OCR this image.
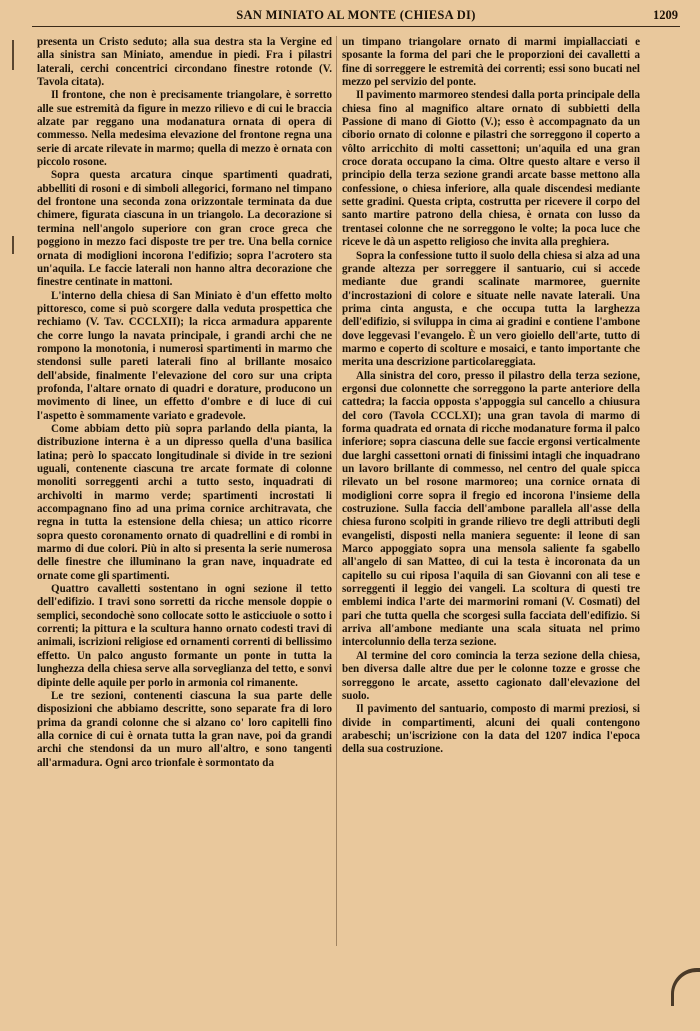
SAN MINIATO AL MONTE (CHIESA DI)	1209

presenta un Cristo seduto; alla sua destra sta la Vergine ed alla sinistra san Miniato, amendue in piedi. Fra i pilastri laterali, cerchi concentrici circondano finestre rotonde (V. Tavola citata).

Il frontone, che non è precisamente triangolare, è sorretto alle sue estremità da figure in mezzo rilievo e di cui le braccia alzate par reggano una modanatura ornata di opera di commesso. Nella medesima elevazione del frontone regna una serie di arcate rilevate in marmo; quella di mezzo è ornata con piccolo rosone.

Sopra questa arcatura cinque spartimenti quadrati, abbelliti di rosoni e di simboli allegorici, formano nel timpano del frontone una seconda zona orizzontale terminata da due chimere, figurata ciascuna in un triangolo. La decorazione si termina nell'angolo superiore con gran croce greca che poggiono in mezzo faci disposte tre per tre. Una bella cornice ornata di modiglioni incorona l'edifizio; sopra l'acrotero sta un'aquila. Le faccie laterali non hanno altra decorazione che finestre centinate in mattoni.

L'interno della chiesa di San Miniato è d'un effetto molto pittoresco, come si può scorgere dalla veduta prospettica che rechiamo (V. Tav. CCCLXII); la ricca armadura apparente che corre lungo la navata principale, i grandi archi che ne rompono la monotonia, i numerosi spartimenti in marmo che stendonsi sulle pareti laterali fino al brillante mosaico dell'abside, finalmente l'elevazione del coro sur una cripta profonda, l'altare ornato di quadri e dorature, producono un movimento di linee, un effetto d'ombre e di luce di cui l'aspetto è sommamente variato e gradevole.

Come abbiam detto più sopra parlando della pianta, la distribuzione interna è a un dipresso quella d'una basilica latina; però lo spaccato longitudinale si divide in tre sezioni uguali, contenente ciascuna tre arcate formate di colonne monoliti sorreggenti archi a tutto sesto, inquadrati di archivolti in marmo verde; spartimenti incrostati li accompagnano fino ad una prima cornice architravata, che regna in tutta la estensione della chiesa; un attico ricorre sopra questo coronamento ornato di quadrellini e di rombi in marmo di due colori. Più in alto si presenta la serie numerosa delle finestre che illuminano la gran nave, inquadrate ed ornate come gli spartimenti.

Quattro cavalletti sostentano in ogni sezione il tetto dell'edifizio. I travi sono sorretti da ricche mensole doppie o semplici, secondochè sono collocate sotto le asticciuole o sotto i correnti; la pittura e la scultura hanno ornato codesti travi di animali, iscrizioni religiose ed ornamenti correnti di bellissimo effetto. Un palco angusto formante un ponte in tutta la lunghezza della chiesa serve alla sorveglianza del tetto, e sonvi dipinte delle aquile per porlo in armonia col rimanente.

Le tre sezioni, contenenti ciascuna la sua parte delle disposizioni che abbiamo descritte, sono separate fra di loro prima da grandi colonne che si alzano co' loro capitelli fino alla cornice di cui è ornata tutta la gran nave, poi da grandi archi che stendonsi da un muro all'altro, e sono tangenti all'armadura. Ogni arco trionfale è sormontato da

un timpano triangolare ornato di marmi impiallacciati e sposante la forma del pari che le proporzioni dei cavalletti a fine di sorreggere le estremità dei correnti; essi sono bucati nel mezzo pel servizio del ponte.

Il pavimento marmoreo stendesi dalla porta principale della chiesa fino al magnifico altare ornato di subbietti della Passione di mano di Giotto (V.); esso è accompagnato da un ciborio ornato di colonne e pilastri che sorreggono il coperto a vôlto arricchito di molti cassettoni; un'aquila ed una gran croce dorata occupano la cima. Oltre questo altare e verso il principio della terza sezione grandi arcate basse mettono alla confessione, o chiesa inferiore, alla quale discendesi mediante sette gradini. Questa cripta, costrutta per ricevere il corpo del santo martire patrono della chiesa, è ornata con lusso da trentasei colonne che ne sorreggono le volte; la poca luce che riceve le dà un aspetto religioso che invita alla preghiera.

Sopra la confessione tutto il suolo della chiesa si alza ad una grande altezza per sorreggere il santuario, cui si accede mediante due grandi scalinate marmoree, guernite d'incrostazioni di colore e situate nelle navate laterali. Una prima cinta angusta, e che occupa tutta la larghezza dell'edifizio, si sviluppa in cima ai gradini e contiene l'ambone dove leggevasi l'evangelo. È un vero gioiello dell'arte, tutto di marmo e coperto di scolture e mosaici, e tanto importante che merita una descrizione particolareggiata.

Alla sinistra del coro, presso il pilastro della terza sezione, ergonsi due colonnette che sorreggono la parte anteriore della cattedra; la faccia opposta s'appoggia sul cancello a chiusura del coro (Tavola CCCLXI); una gran tavola di marmo di forma quadrata ed ornata di ricche modanature forma il palco inferiore; sopra ciascuna delle sue faccie ergonsi verticalmente due larghi cassettoni ornati di finissimi intagli che inquadrano un lavoro brillante di commesso, nel centro del quale spicca rilevato un bel rosone marmoreo; una cornice ornata di modiglioni corre sopra il fregio ed incorona l'insieme della costruzione. Sulla faccia dell'ambone parallela all'asse della chiesa furono scolpiti in grande rilievo tre degli attributi degli evangelisti, disposti nella maniera seguente: il leone di san Marco appoggiato sopra una mensola saliente fa sgabello all'angelo di san Matteo, di cui la testa è incoronata da un capitello su cui riposa l'aquila di san Giovanni con ali tese e sorreggenti il leggio dei vangeli. La scoltura di questi tre emblemi indica l'arte dei marmorini romani (V. Cosmati) del pari che tutta quella che scorgesi sulla facciata dell'edifizio. Si arriva all'ambone mediante una scala situata nel primo intercolunnio della terza sezione.

Al termine del coro comincia la terza sezione della chiesa, ben diversa dalle altre due per le colonne tozze e grosse che sorreggono le arcate, assetto cagionato dall'elevazione del suolo.

Il pavimento del santuario, composto di marmi preziosi, si divide in compartimenti, alcuni dei quali contengono arabeschi; un'iscrizione con la data del 1207 indica l'epoca della sua costruzione.
